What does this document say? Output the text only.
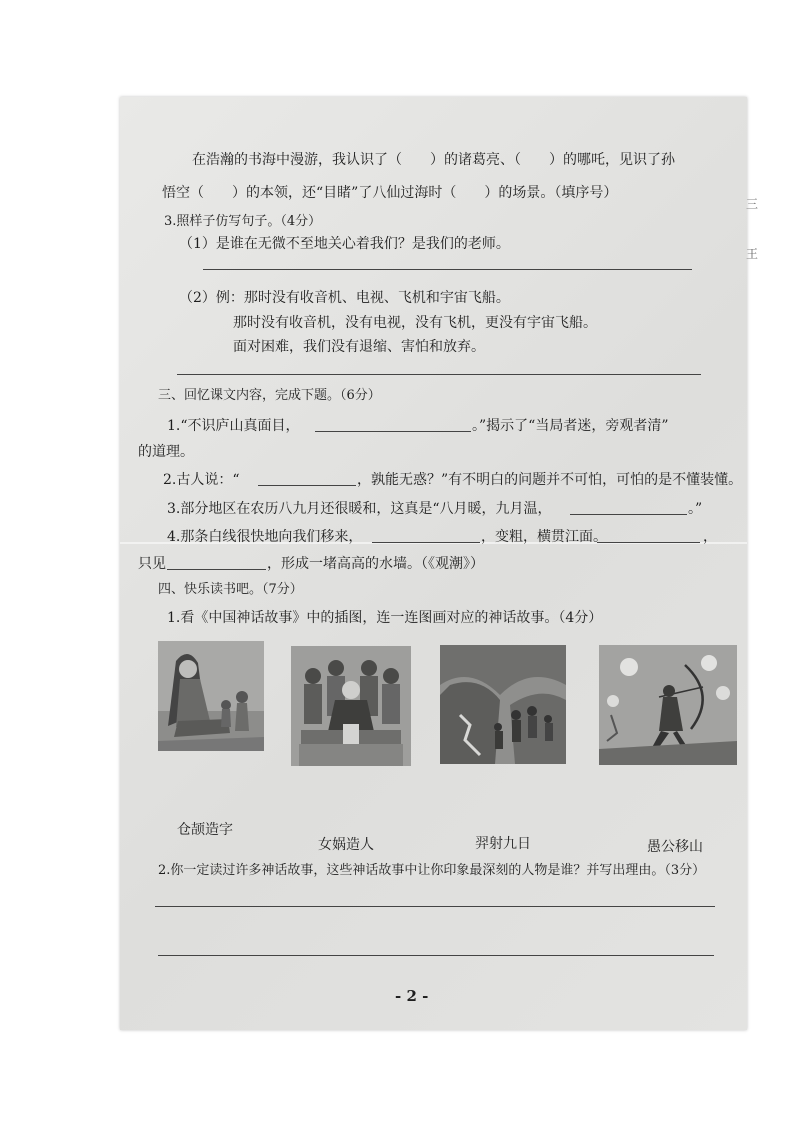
在浩瀚的书海中漫游，我认识了（　　）的诸葛亮、（　　）的哪吒，见识了孙
悟空（　　）的本领，还“目睹”了八仙过海时（　　）的场景。（填序号）
3.照样子仿写句子。（4分）
（1）是谁在无微不至地关心着我们？是我们的老师。
（2）例：那时没有收音机、电视、飞机和宇宙飞船。
那时没有收音机，没有电视，没有飞机，更没有宇宙飞船。
面对困难，我们没有退缩、害怕和放弃。
三、回忆课文内容，完成下题。（6分）
1.“不识庐山真面目，	。”揭示了“当局者迷，旁观者清”
的道理。
2.古人说：“	，孰能无惑？”有不明白的问题并不可怕，可怕的是不懂装懂。
3.部分地区在农历八九月还很暖和，这真是“八月暖，九月温，	。”
4.那条白线很快地向我们移来，	，变粗，横贯江面。	，
只见	，形成一堵高高的水墙。（《观潮》）
四、快乐读书吧。（7分）
1.看《中国神话故事》中的插图，连一连图画对应的神话故事。（4分）
仓颉造字
女娲造人	羿射九日	愚公移山
2.你一定读过许多神话故事，这些神话故事中让你印象最深刻的人物是谁？并写出理由。（3分）
- 2 -
三
王
